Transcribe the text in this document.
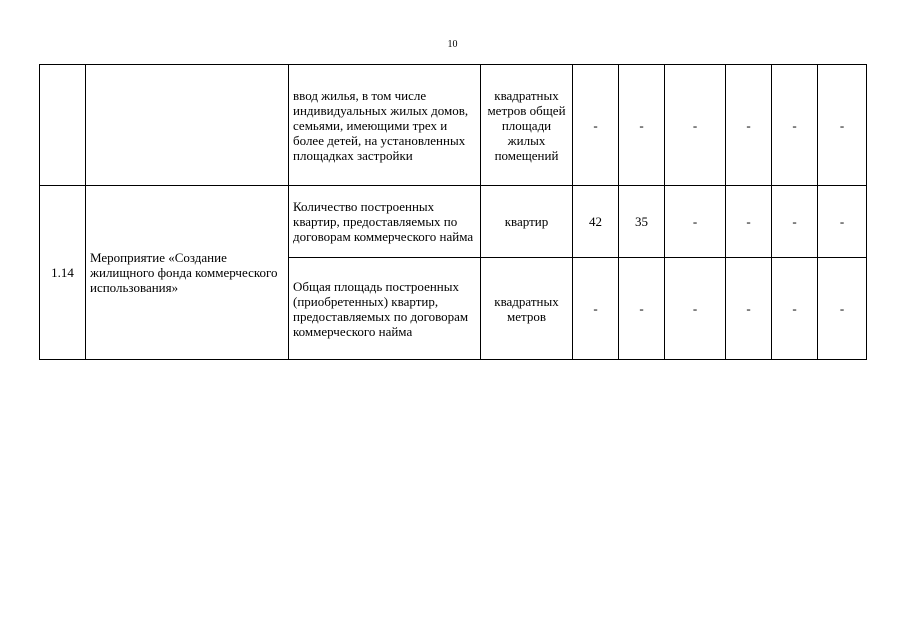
10
		ввод жилья, в том числе индивидуальных жилых домов, семьями, имеющими трех и более детей, на установленных площадках застройки	квадратных метров общей площади жилых помещений	-	-	-	-	-	-
1.14	Мероприятие «Создание жилищного фонда коммерческого использования»	Количество построенных квартир, предоставляемых по договорам коммерческого найма	квартир	42	35	-	-	-	-
		Общая площадь построенных (приобретенных) квартир, предоставляемых по договорам коммерческого найма	квадратных метров	-	-	-	-	-	-
